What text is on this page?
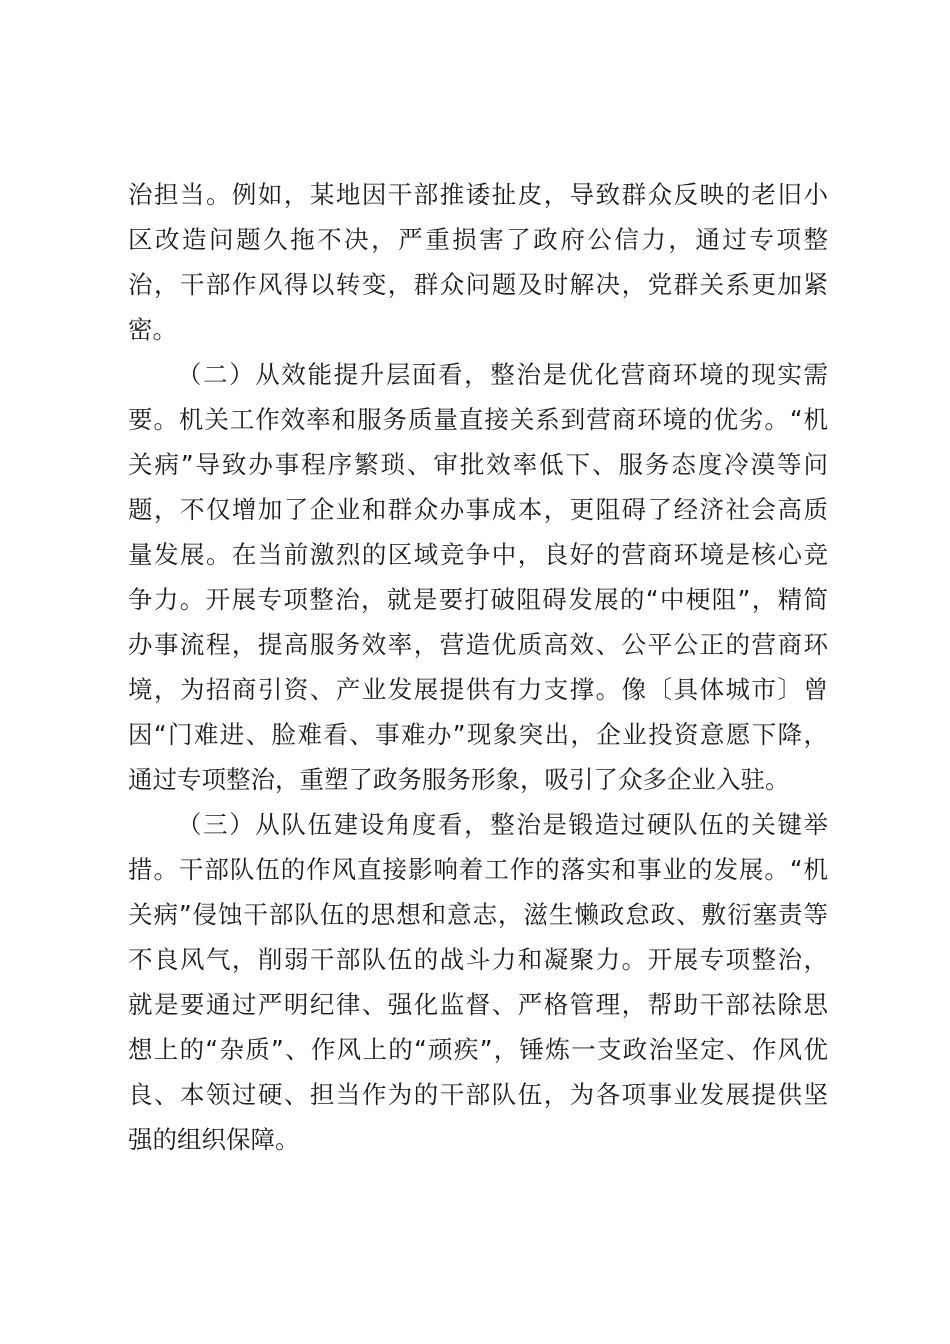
治担当。例如，某地因干部推诿扯皮，导致群众反映的老旧小
区改造问题久拖不决，严重损害了政府公信力，通过专项整
治，干部作风得以转变，群众问题及时解决，党群关系更加紧
密。
（二）从效能提升层面看，整治是优化营商环境的现实需
要。机关工作效率和服务质量直接关系到营商环境的优劣。“机
关病”导致办事程序繁琐、审批效率低下、服务态度冷漠等问
题，不仅增加了企业和群众办事成本，更阻碍了经济社会高质
量发展。在当前激烈的区域竞争中，良好的营商环境是核心竞
争力。开展专项整治，就是要打破阻碍发展的“中梗阻”，精简
办事流程，提高服务效率，营造优质高效、公平公正的营商环
境，为招商引资、产业发展提供有力支撑。像〔具体城市〕曾
因“门难进、脸难看、事难办”现象突出，企业投资意愿下降，
通过专项整治，重塑了政务服务形象，吸引了众多企业入驻。
（三）从队伍建设角度看，整治是锻造过硬队伍的关键举
措。干部队伍的作风直接影响着工作的落实和事业的发展。“机
关病”侵蚀干部队伍的思想和意志，滋生懒政怠政、敷衍塞责等
不良风气，削弱干部队伍的战斗力和凝聚力。开展专项整治，
就是要通过严明纪律、强化监督、严格管理，帮助干部祛除思
想上的“杂质”、作风上的“顽疾”，锤炼一支政治坚定、作风优
良、本领过硬、担当作为的干部队伍，为各项事业发展提供坚
强的组织保障。
